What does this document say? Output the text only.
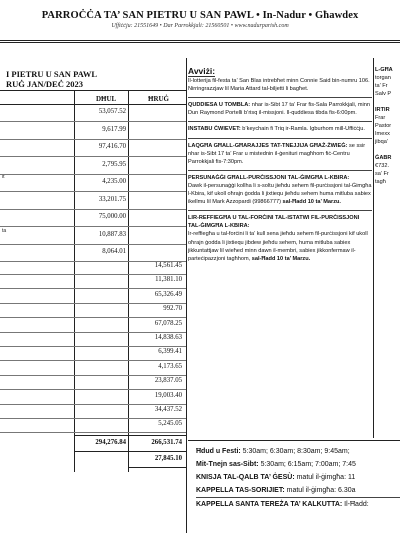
PARROĊĊA TA’ SAN PIETRU U SAN PAWL • In-Nadur • Għawdex
Uffiċċju: 21551649 • Dar Parrokkjali: 21560501 • www.nadurparish.com
I PIETRU U SAN PAWL
RUĠ JAN/DEĊ 2023
DĦUL	ĦRUĠ
it
ta
53,057.52
9,617.99
97,416.70
2,795.95
4,235.00
33,201.75
75,000.00
10,887.83
8,064.01
14,561.45
11,381.10
65,326.49
992.70
67,078.25
14,838.63
6,399.41
4,173.65
23,837.05
19,003.40
34,437.52
5,245.05
294,276.84	266,531.74
27,845.10
Avviżi:

Il-lotterija fil-festa ta’ San Blas intrebħet minn Connie Said bin-numru 106. Nirringrazzjaw lil Maria Attard tal-biljetti li bagħet.

QUDDIESA U TOMBLA: nhar is-Sibt 17 ta’ Frar fis-Sala Parrokkjali, minn Dun Raymond Portelli b’risq il-missjoni. Il-quddiesa tibda fis-6:00pm.

INSTABU ĊWIEVET: b’keychain fi Triq ir-Ramla. Igburhom mill-Uffiċċju.

LAQGĦA GĦALL-GĦARAJJES TAT-TNEJJIJA GĦAŻ-ŻWIEĠ: se ssir nhar is-Sibt 17 ta’ Frar u mistednin il-ġenituri magħhom fiċ-Centru Parrokkjali fis-7:30pm.

PERSUNAĠĠI GĦALL-PURĊISSJONI TAL-ĠIMGĦA L-KBIRA:
Dawk il-persunaġġi kollha li s-soltu jieħdu sehem fil-purċissjoni tal-Ġimgħa l-Kbira, kif ukoll oħrajn ġodda li jixtiequ jieħdu sehem huma mitluba sabiex ikellmu lil Mark Azzopardi (99866777) sal-Ħadd 10 ta’ Marzu.

LIR-REFFIEGĦA U TAL-FORĊINI TAL-ISTATWI FIL-PURĊISSJONI TAL-ĠIMGĦA L-KBIRA:
Ir-reffiegħa u tal-forċini li ta’ kull sena jieħdu sehem fil-purċissjoni kif ukoll oħrajn ġodda li jixtiequ jibdew jieħdu sehem, huma mitluba sabiex jikkuntattjaw lil wieħed minn dawn il-membri, sabiex jikkonfermaw il-parteċipazzjoni tagħhom, sal-Ħadd 10 ta’ Marzu.

L-GĦA
torgan
ta’ Fr
Salv P

IRTIR
Frar
Pastor
Imexx
jibqa’

ĠABR
€732.
sa’ Fr
tagħ

Ħdud u Festi: 5:30am; 6:30am; 8:30am; 9:45am;
Mit-Tnejn sas-Sibt: 5:30am; 6:15am; 7:00am; 7:45
KNISJA TAL-QALB TA’ ĠESÙ: matul il-ġimgħa: 11
KAPPELLA TAS-SORIJIET: matul il-ġimgħa: 6.30a
KAPPELLA SANTA TEREŻA TA’ KALKUTTA: Il-Ħadd:
